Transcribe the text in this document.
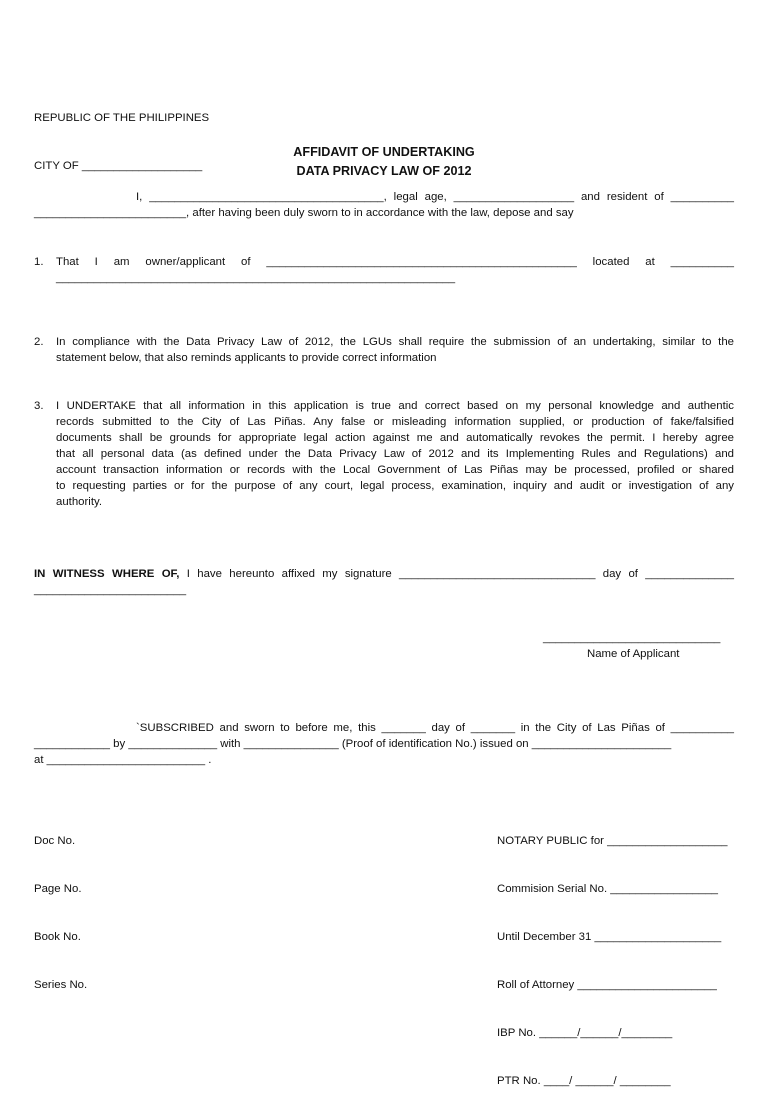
REPUBLIC OF THE PHILIPPINES

CITY OF ___________________

AFFIDAVIT OF UNDERTAKING
DATA PRIVACY LAW OF 2012
I, _____________________________________, legal age, ___________________ and resident of __________
________________________, after having been duly sworn to in accordance with the law, depose and say
1. That I am owner/applicant of _________________________________________________ located at __________
_______________________________________________________________
2. In compliance with the Data Privacy Law of 2012, the LGUs shall require the submission of an undertaking, similar to the
statement below, that also reminds applicants to provide correct information
3. I UNDERTAKE that all information in this application is true and correct based on my personal knowledge and authentic
records submitted to the City of Las Piñas. Any false or misleading information supplied, or production of fake/falsified
documents shall be grounds for appropriate legal action against me and automatically revokes the permit. I hereby agree
that all personal data (as defined under the Data Privacy Law of 2012 and its Implementing Rules and Regulations) and
account transaction information or records with the Local Government of Las Piñas may be processed, profiled or shared
to requesting parties or for the purpose of any court, legal process, examination, inquiry and audit or investigation of any
authority.
IN WITNESS WHERE OF, I have hereunto affixed my signature _______________________________ day of ______________
________________________
____________________________
Name of Applicant
`SUBSCRIBED and sworn to before me, this _______ day of _______ in the City of Las Piñas of __________
____________ by ______________ with _______________ (Proof of identification No.) issued on ______________________
at _________________________ .

Doc No.

Page No.

Book No.

Series No.

NOTARY PUBLIC for ___________________

Commision Serial No. _________________

Until December 31 ____________________

Roll of Attorney ______________________

IBP No. ______/______/________

PTR No. ____/ ______/ ________
